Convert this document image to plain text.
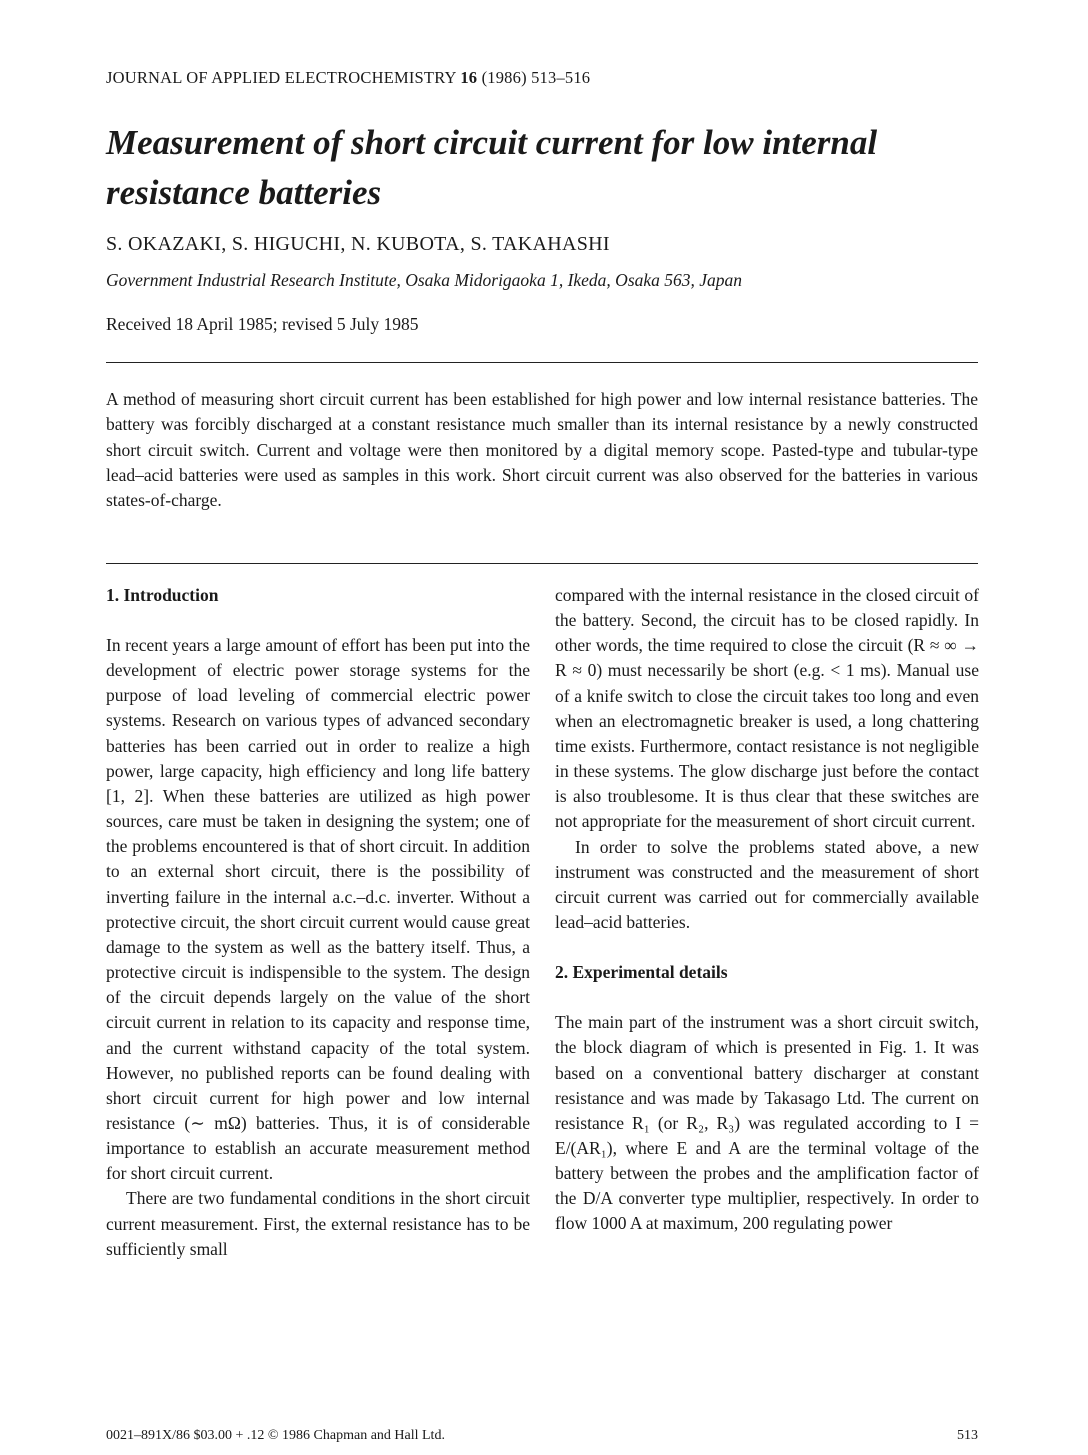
JOURNAL OF APPLIED ELECTROCHEMISTRY 16 (1986) 513–516
Measurement of short circuit current for low internal resistance batteries
S. OKAZAKI, S. HIGUCHI, N. KUBOTA, S. TAKAHASHI
Government Industrial Research Institute, Osaka Midorigaoka 1, Ikeda, Osaka 563, Japan
Received 18 April 1985; revised 5 July 1985

A method of measuring short circuit current has been established for high power and low internal resistance batteries. The battery was forcibly discharged at a constant resistance much smaller than its internal resistance by a newly constructed short circuit switch. Current and voltage were then monitored by a digital memory scope. Pasted-type and tubular-type lead–acid batteries were used as samples in this work. Short circuit current was also observed for the batteries in various states-of-charge.

1. Introduction

In recent years a large amount of effort has been put into the development of electric power storage systems for the purpose of load leveling of commercial electric power systems. Research on various types of advanced secondary batteries has been carried out in order to realize a high power, large capacity, high efficiency and long life battery [1, 2]. When these batteries are utilized as high power sources, care must be taken in designing the system; one of the problems encountered is that of short circuit. In addition to an external short circuit, there is the possibility of inverting failure in the internal a.c.–d.c. inverter. Without a protective circuit, the short circuit current would cause great damage to the system as well as the battery itself. Thus, a protective circuit is indispensible to the system. The design of the circuit depends largely on the value of the short circuit current in relation to its capacity and response time, and the current withstand capacity of the total system. However, no published reports can be found dealing with short circuit current for high power and low internal resistance (∼ mΩ) batteries. Thus, it is of considerable importance to establish an accurate measurement method for short circuit current.

There are two fundamental conditions in the short circuit current measurement. First, the external resistance has to be sufficiently small

compared with the internal resistance in the closed circuit of the battery. Second, the circuit has to be closed rapidly. In other words, the time required to close the circuit (R ≈ ∞ → R ≈ 0) must necessarily be short (e.g. < 1 ms). Manual use of a knife switch to close the circuit takes too long and even when an electromagnetic breaker is used, a long chattering time exists. Furthermore, contact resistance is not negligible in these systems. The glow discharge just before the contact is also troublesome. It is thus clear that these switches are not appropriate for the measurement of short circuit current.

In order to solve the problems stated above, a new instrument was constructed and the measurement of short circuit current was carried out for commercially available lead–acid batteries.

2. Experimental details

The main part of the instrument was a short circuit switch, the block diagram of which is presented in Fig. 1. It was based on a conventional battery discharger at constant resistance and was made by Takasago Ltd. The current on resistance R₁ (or R₂, R₃) was regulated according to I = E/(AR₁), where E and A are the terminal voltage of the battery between the probes and the amplification factor of the D/A converter type multiplier, respectively. In order to flow 1000 A at maximum, 200 regulating power

0021–891X/86 $03.00 + .12 © 1986 Chapman and Hall Ltd.	513
